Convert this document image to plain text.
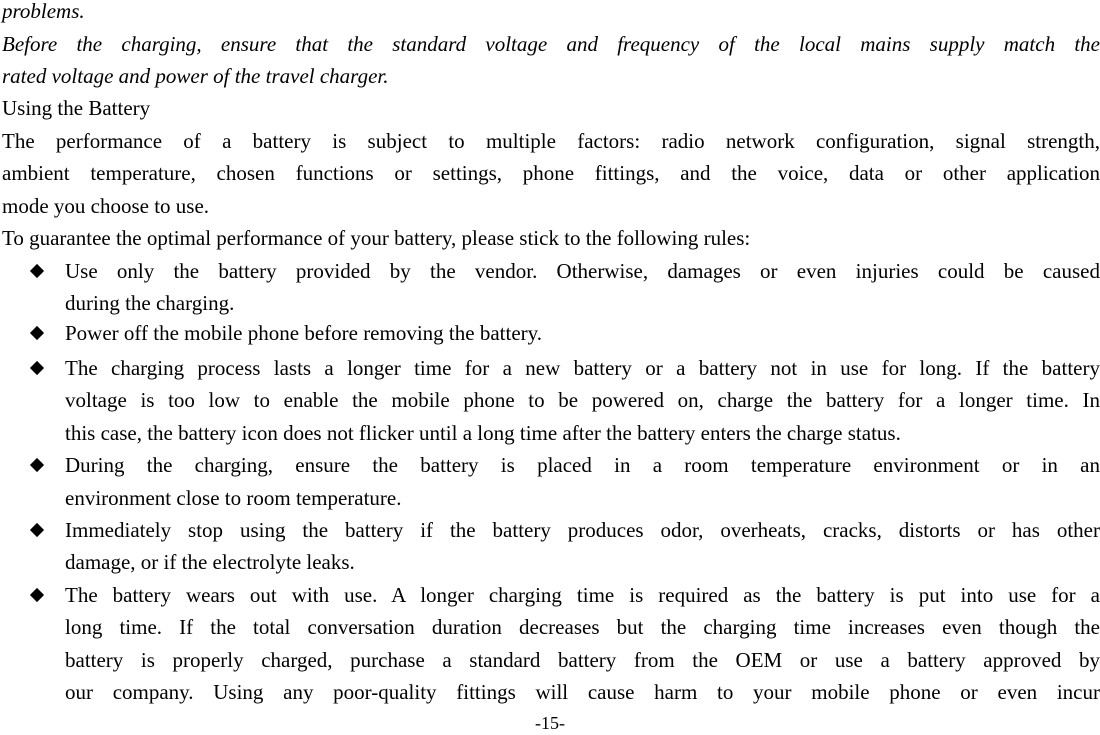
problems.
Before the charging, ensure that the standard voltage and frequency of the local mains supply match the
rated voltage and power of the travel charger.
Using the Battery
The performance of a battery is subject to multiple factors: radio network configuration, signal strength,
ambient temperature, chosen functions or settings, phone fittings, and the voice, data or other application
mode you choose to use.
To guarantee the optimal performance of your battery, please stick to the following rules:
Use only the battery provided by the vendor. Otherwise, damages or even injuries could be caused
during the charging.
Power off the mobile phone before removing the battery.
The charging process lasts a longer time for a new battery or a battery not in use for long. If the battery
voltage is too low to enable the mobile phone to be powered on, charge the battery for a longer time. In
this case, the battery icon does not flicker until a long time after the battery enters the charge status.
During the charging, ensure the battery is placed in a room temperature environment or in an
environment close to room temperature.
Immediately stop using the battery if the battery produces odor, overheats, cracks, distorts or has other
damage, or if the electrolyte leaks.
The battery wears out with use. A longer charging time is required as the battery is put into use for a
long time. If the total conversation duration decreases but the charging time increases even though the
battery is properly charged, purchase a standard battery from the OEM or use a battery approved by
our company. Using any poor-quality fittings will cause harm to your mobile phone or even incur
-15-
